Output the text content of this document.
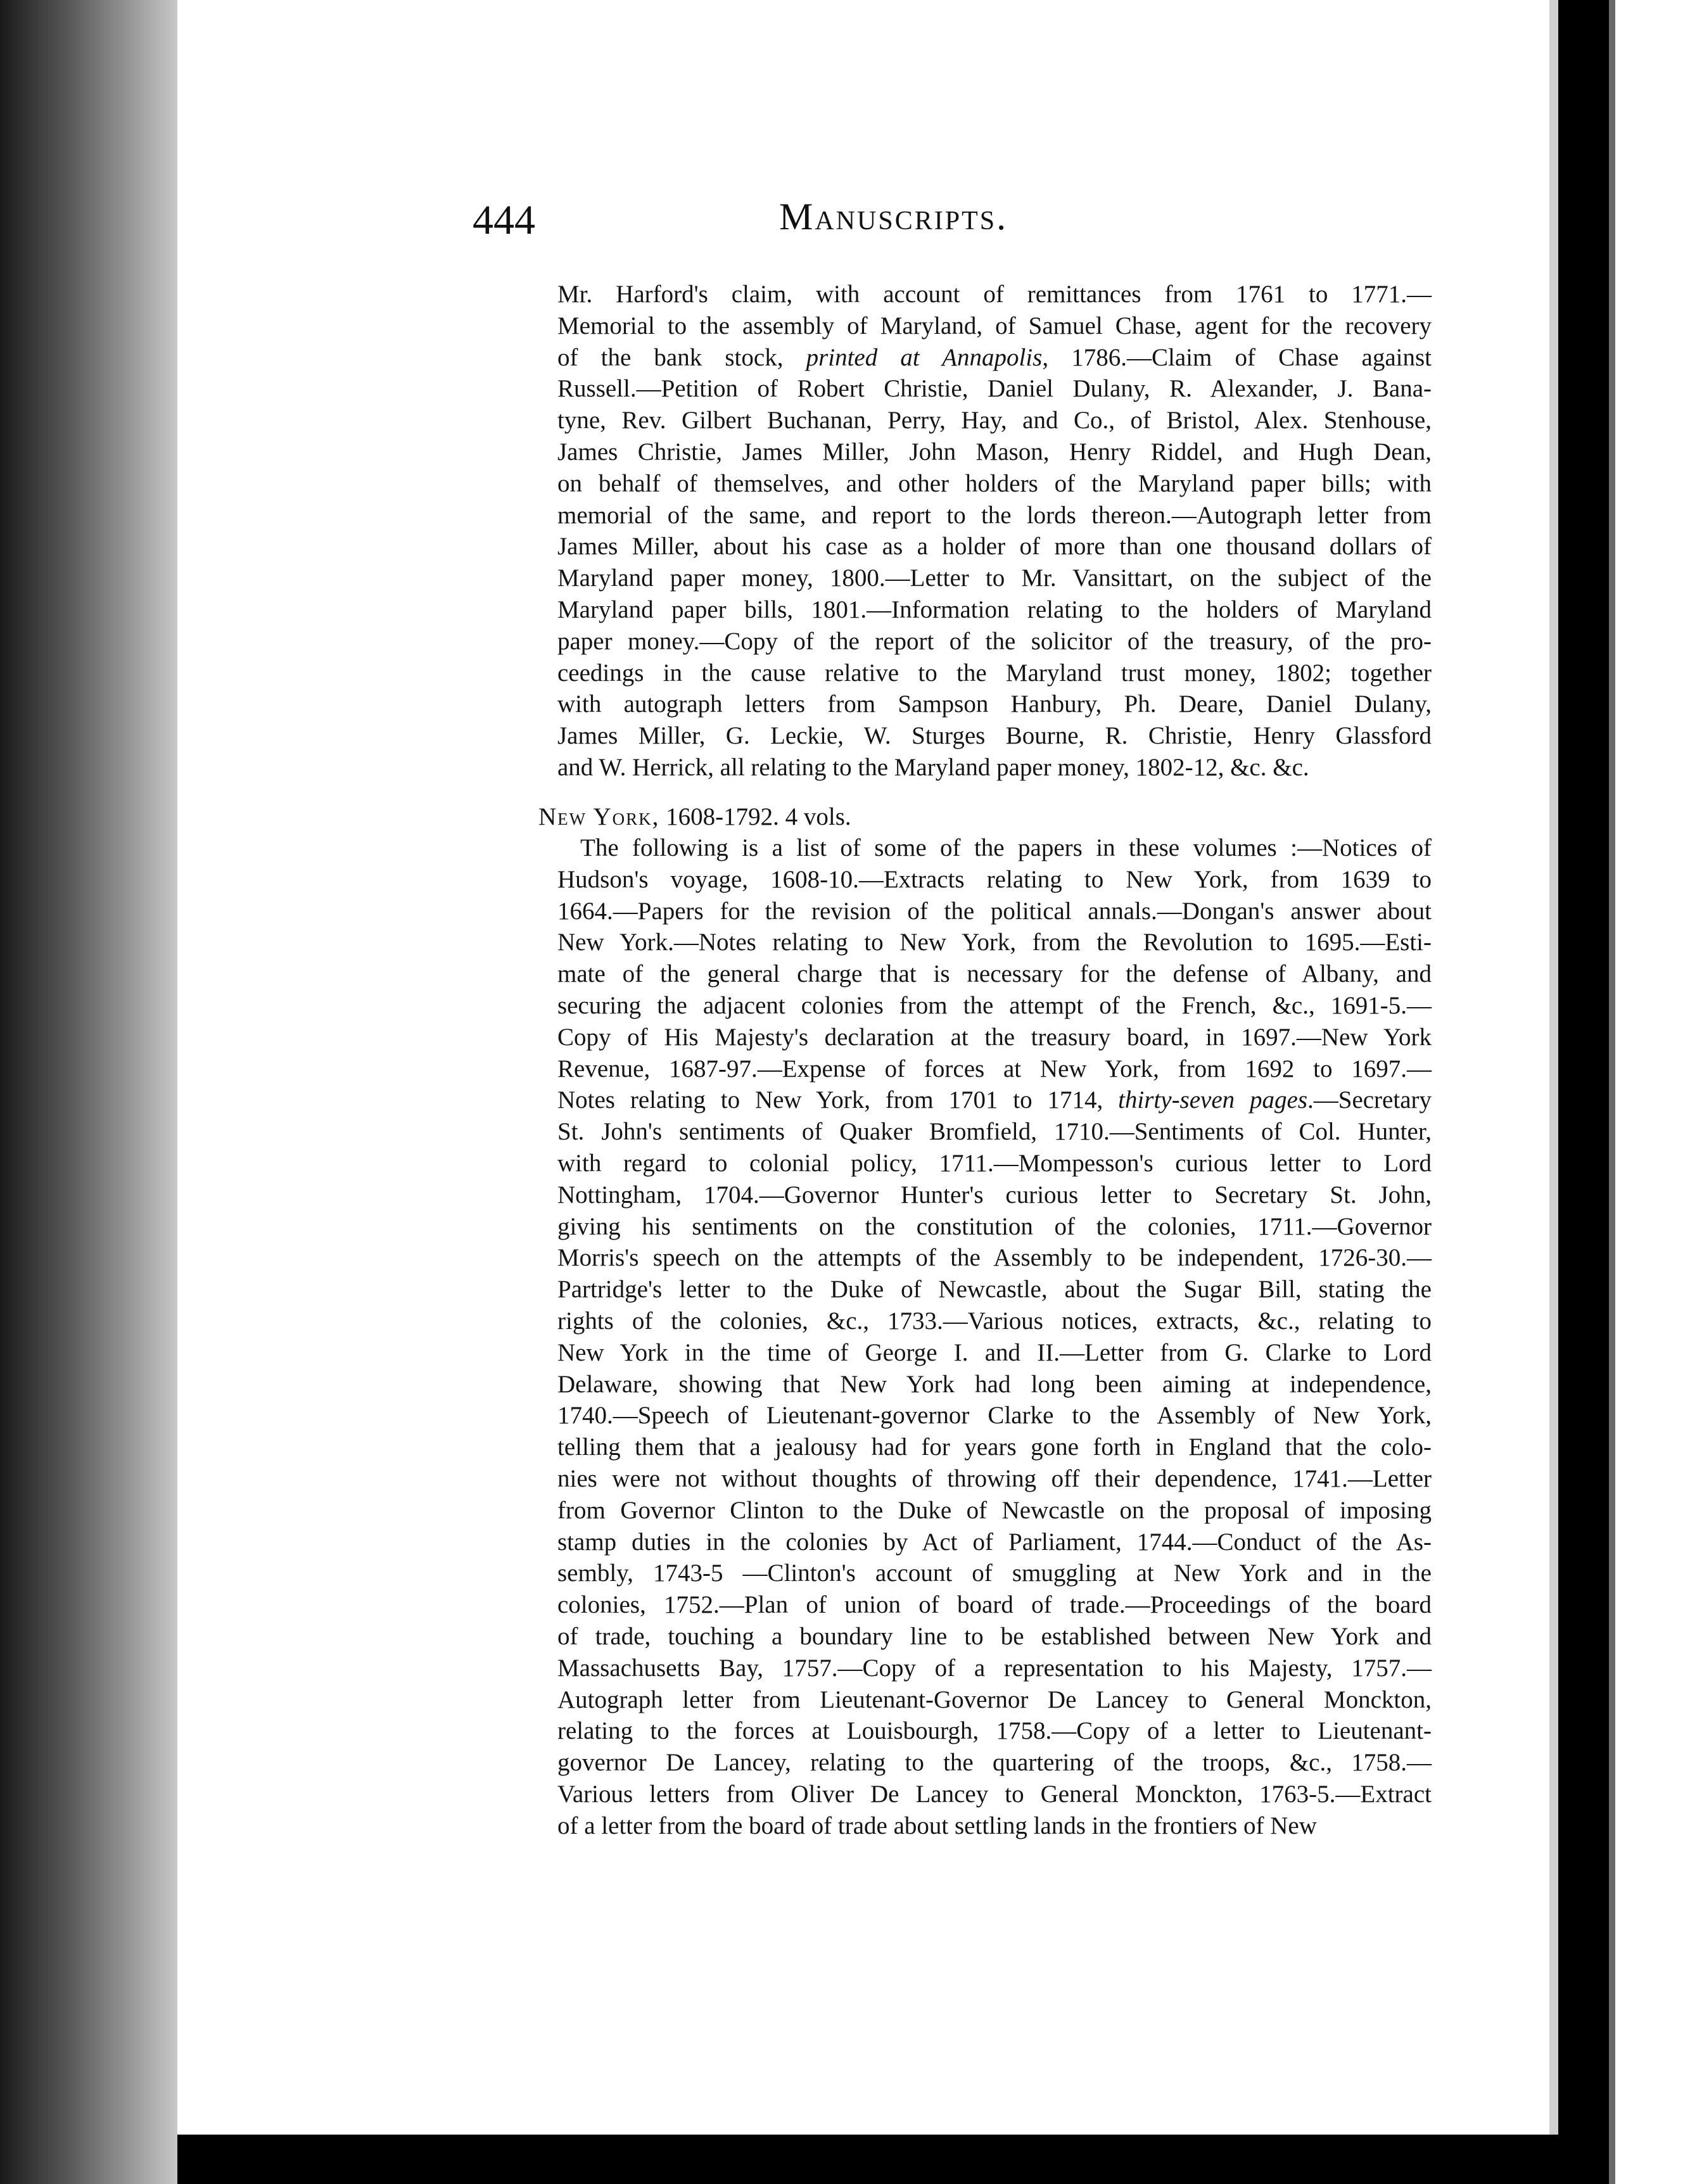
444	Manuscripts.
Mr. Harford's claim, with account of remittances from 1761 to 1771.—
Memorial to the assembly of Maryland, of Samuel Chase, agent for the recovery
of the bank stock, printed at Annapolis, 1786.—Claim of Chase against
Russell.—Petition of Robert Christie, Daniel Dulany, R. Alexander, J. Bana-
tyne, Rev. Gilbert Buchanan, Perry, Hay, and Co., of Bristol, Alex. Stenhouse,
James Christie, James Miller, John Mason, Henry Riddel, and Hugh Dean,
on behalf of themselves, and other holders of the Maryland paper bills; with
memorial of the same, and report to the lords thereon.—Autograph letter from
James Miller, about his case as a holder of more than one thousand dollars of
Maryland paper money, 1800.—Letter to Mr. Vansittart, on the subject of the
Maryland paper bills, 1801.—Information relating to the holders of Maryland
paper money.—Copy of the report of the solicitor of the treasury, of the pro-
ceedings in the cause relative to the Maryland trust money, 1802; together
with autograph letters from Sampson Hanbury, Ph. Deare, Daniel Dulany,
James Miller, G. Leckie, W. Sturges Bourne, R. Christie, Henry Glassford
and W. Herrick, all relating to the Maryland paper money, 1802-12, &c. &c.
New York, 1608-1792. 4 vols.
The following is a list of some of the papers in these volumes :—Notices of
Hudson's voyage, 1608-10.—Extracts relating to New York, from 1639 to
1664.—Papers for the revision of the political annals.—Dongan's answer about
New York.—Notes relating to New York, from the Revolution to 1695.—Esti-
mate of the general charge that is necessary for the defense of Albany, and
securing the adjacent colonies from the attempt of the French, &c., 1691-5.—
Copy of His Majesty's declaration at the treasury board, in 1697.—New York
Revenue, 1687-97.—Expense of forces at New York, from 1692 to 1697.—
Notes relating to New York, from 1701 to 1714, thirty-seven pages.—Secretary
St. John's sentiments of Quaker Bromfield, 1710.—Sentiments of Col. Hunter,
with regard to colonial policy, 1711.—Mompesson's curious letter to Lord
Nottingham, 1704.—Governor Hunter's curious letter to Secretary St. John,
giving his sentiments on the constitution of the colonies, 1711.—Governor
Morris's speech on the attempts of the Assembly to be independent, 1726-30.—
Partridge's letter to the Duke of Newcastle, about the Sugar Bill, stating the
rights of the colonies, &c., 1733.—Various notices, extracts, &c., relating to
New York in the time of George I. and II.—Letter from G. Clarke to Lord
Delaware, showing that New York had long been aiming at independence,
1740.—Speech of Lieutenant-governor Clarke to the Assembly of New York,
telling them that a jealousy had for years gone forth in England that the colo-
nies were not without thoughts of throwing off their dependence, 1741.—Letter
from Governor Clinton to the Duke of Newcastle on the proposal of imposing
stamp duties in the colonies by Act of Parliament, 1744.—Conduct of the As-
sembly, 1743-5 —Clinton's account of smuggling at New York and in the
colonies, 1752.—Plan of union of board of trade.—Proceedings of the board
of trade, touching a boundary line to be established between New York and
Massachusetts Bay, 1757.—Copy of a representation to his Majesty, 1757.—
Autograph letter from Lieutenant-Governor De Lancey to General Monckton,
relating to the forces at Louisbourgh, 1758.—Copy of a letter to Lieutenant-
governor De Lancey, relating to the quartering of the troops, &c., 1758.—
Various letters from Oliver De Lancey to General Monckton, 1763-5.—Extract
of a letter from the board of trade about settling lands in the frontiers of New
